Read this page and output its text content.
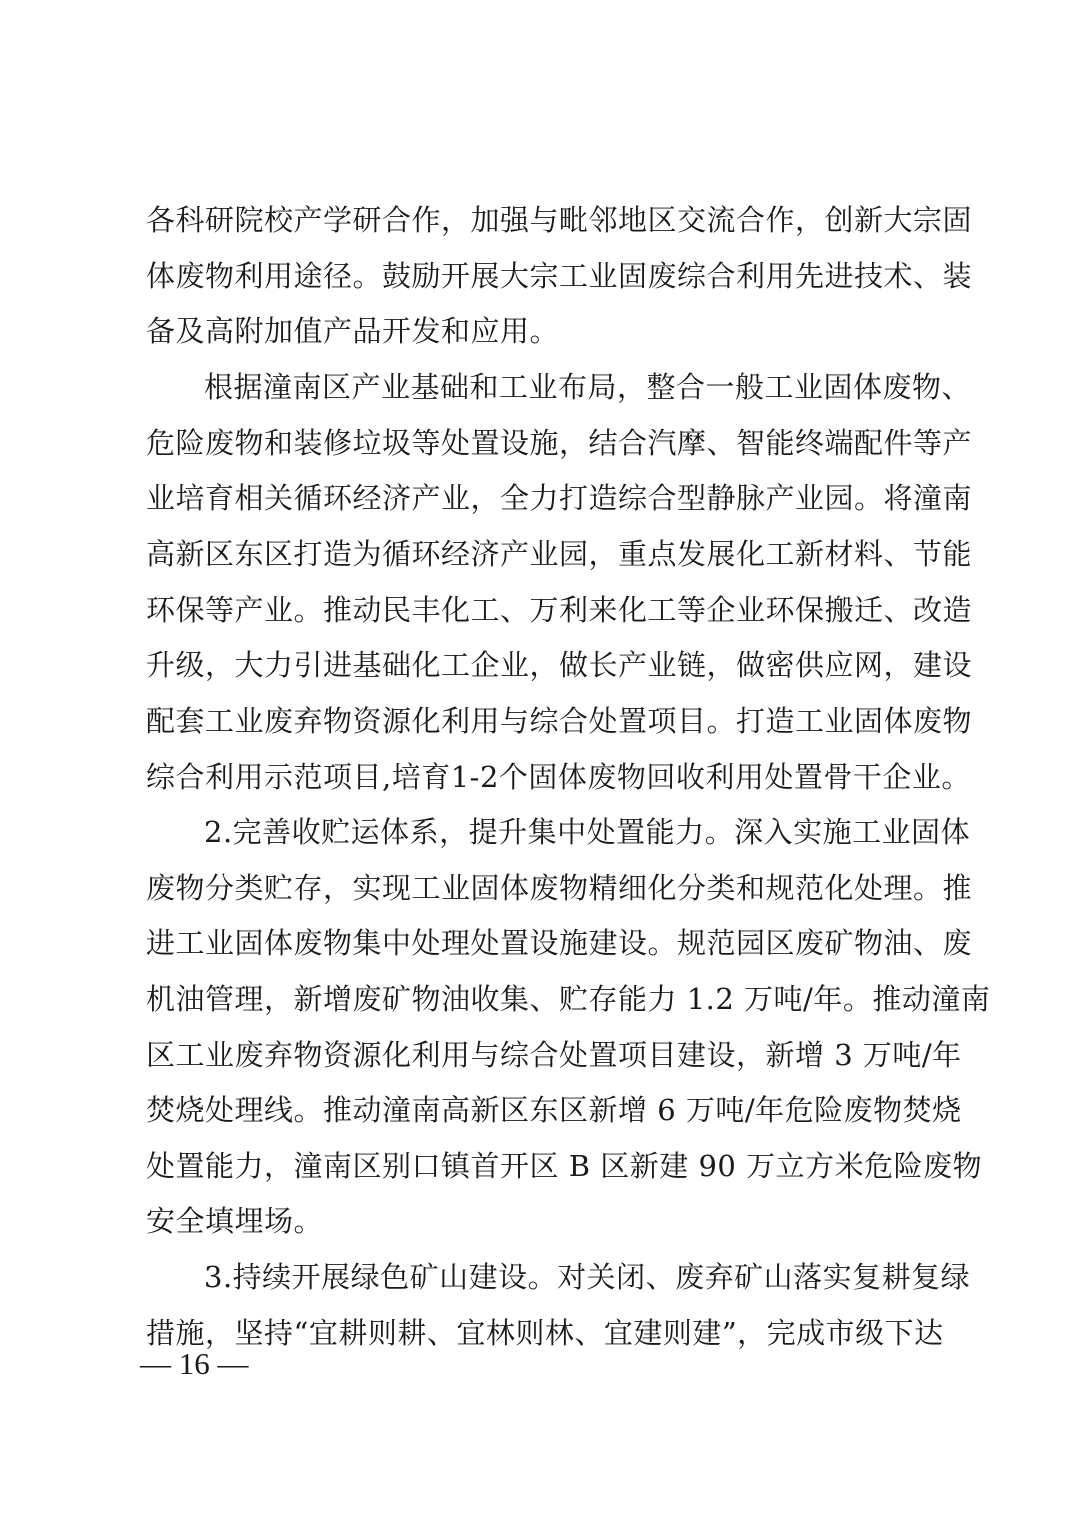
各科研院校产学研合作，加强与毗邻地区交流合作，创新大宗固
体废物利用途径。鼓励开展大宗工业固废综合利用先进技术、装
备及高附加值产品开发和应用。
根据潼南区产业基础和工业布局，整合一般工业固体废物、
危险废物和装修垃圾等处置设施，结合汽摩、智能终端配件等产
业培育相关循环经济产业，全力打造综合型静脉产业园。将潼南
高新区东区打造为循环经济产业园，重点发展化工新材料、节能
环保等产业。推动民丰化工、万利来化工等企业环保搬迁、改造
升级，大力引进基础化工企业，做长产业链，做密供应网，建设
配套工业废弃物资源化利用与综合处置项目。打造工业固体废物
综合利用示范项目,培育1-2个固体废物回收利用处置骨干企业。
2.完善收贮运体系，提升集中处置能力。深入实施工业固体
废物分类贮存，实现工业固体废物精细化分类和规范化处理。推
进工业固体废物集中处理处置设施建设。规范园区废矿物油、废
机油管理，新增废矿物油收集、贮存能力 1.2 万吨/年。推动潼南
区工业废弃物资源化利用与综合处置项目建设，新增 3 万吨/年
焚烧处理线。推动潼南高新区东区新增 6 万吨/年危险废物焚烧
处置能力，潼南区别口镇首开区 B 区新建 90 万立方米危险废物
安全填埋场。
3.持续开展绿色矿山建设。对关闭、废弃矿山落实复耕复绿
措施，坚持“宜耕则耕、宜林则林、宜建则建”，完成市级下达
— 16 —
